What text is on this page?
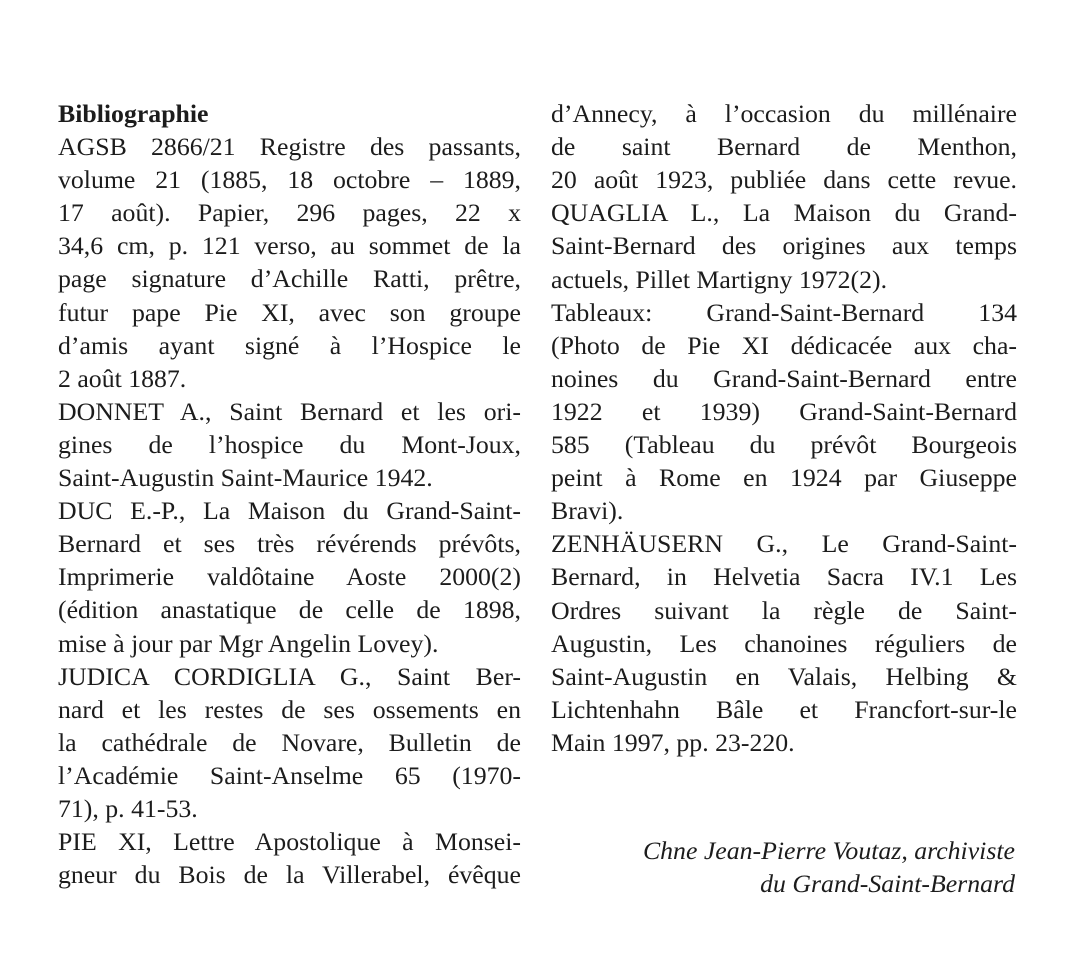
Bibliographie
AGSB 2866/21 Registre des passants,
volume 21 (1885, 18 octobre – 1889,
17 août). Papier, 296 pages, 22 x
34,6 cm, p. 121 verso, au sommet de la
page signature d’Achille Ratti, prêtre,
futur pape Pie XI, avec son groupe
d’amis ayant signé à l’Hospice le
2 août 1887.
DONNET A., Saint Bernard et les ori-
gines de l’hospice du Mont-Joux,
Saint-Augustin Saint-Maurice 1942.
DUC E.-P., La Maison du Grand-Saint-
Bernard et ses très révérends prévôts,
Imprimerie valdôtaine Aoste 2000(2)
(édition anastatique de celle de 1898,
mise à jour par Mgr Angelin Lovey).
JUDICA CORDIGLIA G., Saint Ber-
nard et les restes de ses ossements en
la cathédrale de Novare, Bulletin de
l’Académie Saint-Anselme 65 (1970-
71), p. 41-53.
PIE XI, Lettre Apostolique à Monsei-
gneur du Bois de la Villerabel, évêque
d’Annecy, à l’occasion du millénaire
de saint Bernard de Menthon,
20 août 1923, publiée dans cette revue.
QUAGLIA L., La Maison du Grand-
Saint-Bernard des origines aux temps
actuels, Pillet Martigny 1972(2).
Tableaux: Grand-Saint-Bernard 134
(Photo de Pie XI dédicacée aux cha-
noines du Grand-Saint-Bernard entre
1922 et 1939) Grand-Saint-Bernard
585 (Tableau du prévôt Bourgeois
peint à Rome en 1924 par Giuseppe
Bravi).
ZENHÄUSERN G., Le Grand-Saint-
Bernard, in Helvetia Sacra IV.1 Les
Ordres suivant la règle de Saint-
Augustin, Les chanoines réguliers de
Saint-Augustin en Valais, Helbing &
Lichtenhahn Bâle et Francfort-sur-le
Main 1997, pp. 23-220.
Chne Jean-Pierre Voutaz, archiviste
du Grand-Saint-Bernard
